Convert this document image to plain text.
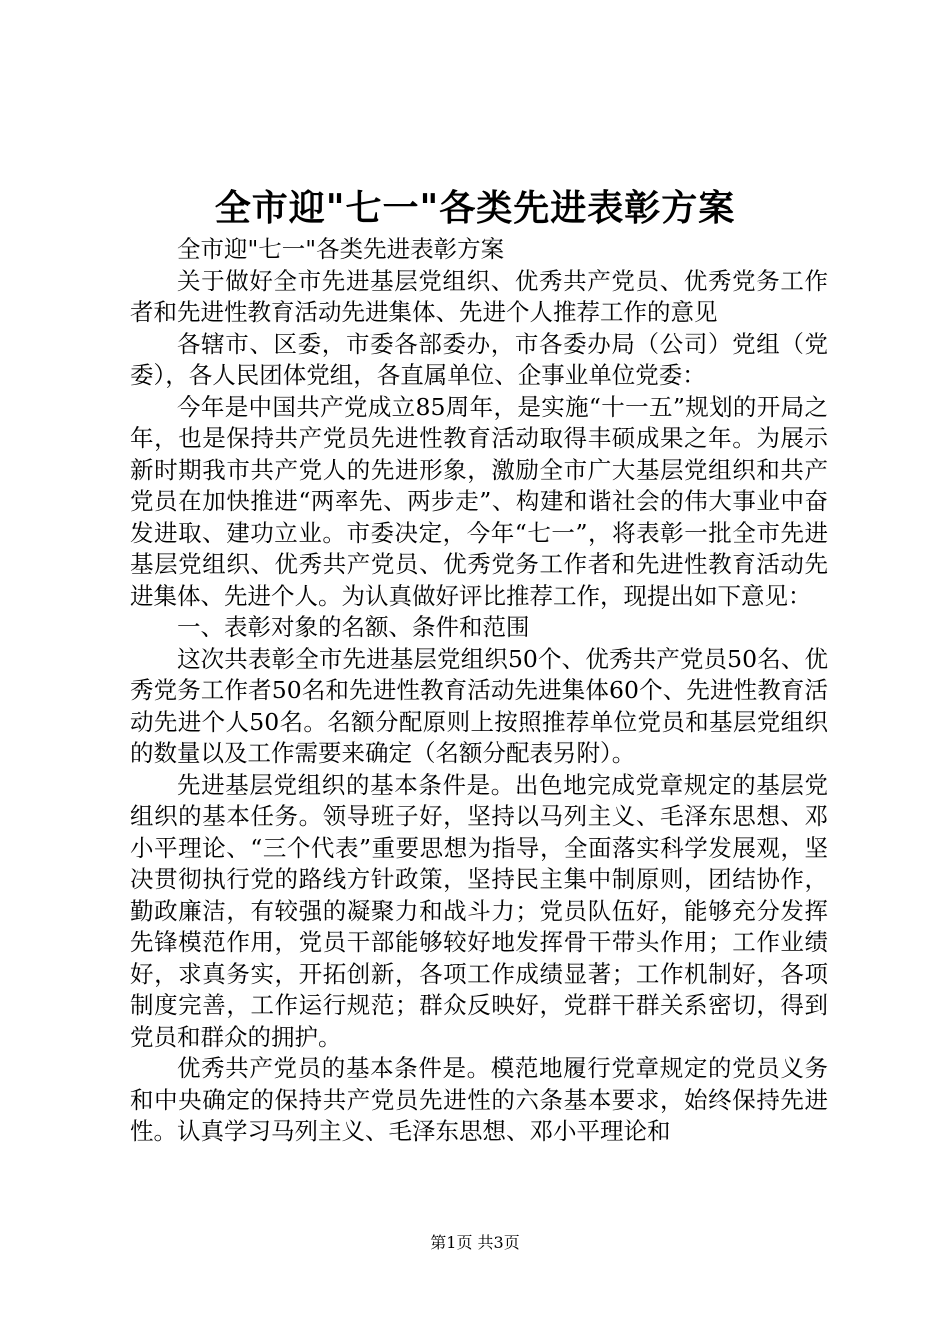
全市迎"七一"各类先进表彰方案

全市迎"七一"各类先进表彰方案

关于做好全市先进基层党组织、优秀共产党员、优秀党务工作者和先进性教育活动先进集体、先进个人推荐工作的意见

各辖市、区委，市委各部委办，市各委办局（公司）党组（党委），各人民团体党组，各直属单位、企事业单位党委：

今年是中国共产党成立85周年，是实施“十一五”规划的开局之年，也是保持共产党员先进性教育活动取得丰硕成果之年。为展示新时期我市共产党人的先进形象，激励全市广大基层党组织和共产党员在加快推进“两率先、两步走”、构建和谐社会的伟大事业中奋发进取、建功立业。市委决定，今年“七一”，将表彰一批全市先进基层党组织、优秀共产党员、优秀党务工作者和先进性教育活动先进集体、先进个人。为认真做好评比推荐工作，现提出如下意见：

一、表彰对象的名额、条件和范围

这次共表彰全市先进基层党组织50个、优秀共产党员50名、优秀党务工作者50名和先进性教育活动先进集体60个、先进性教育活动先进个人50名。名额分配原则上按照推荐单位党员和基层党组织的数量以及工作需要来确定（名额分配表另附）。

先进基层党组织的基本条件是。出色地完成党章规定的基层党组织的基本任务。领导班子好，坚持以马列主义、毛泽东思想、邓小平理论、“三个代表”重要思想为指导，全面落实科学发展观，坚决贯彻执行党的路线方针政策，坚持民主集中制原则，团结协作，勤政廉洁，有较强的凝聚力和战斗力；党员队伍好，能够充分发挥先锋模范作用，党员干部能够较好地发挥骨干带头作用；工作业绩好，求真务实，开拓创新，各项工作成绩显著；工作机制好，各项制度完善，工作运行规范；群众反映好，党群干群关系密切，得到党员和群众的拥护。

优秀共产党员的基本条件是。模范地履行党章规定的党员义务和中央确定的保持共产党员先进性的六条基本要求，始终保持先进性。认真学习马列主义、毛泽东思想、邓小平理论和

第1页 共3页
